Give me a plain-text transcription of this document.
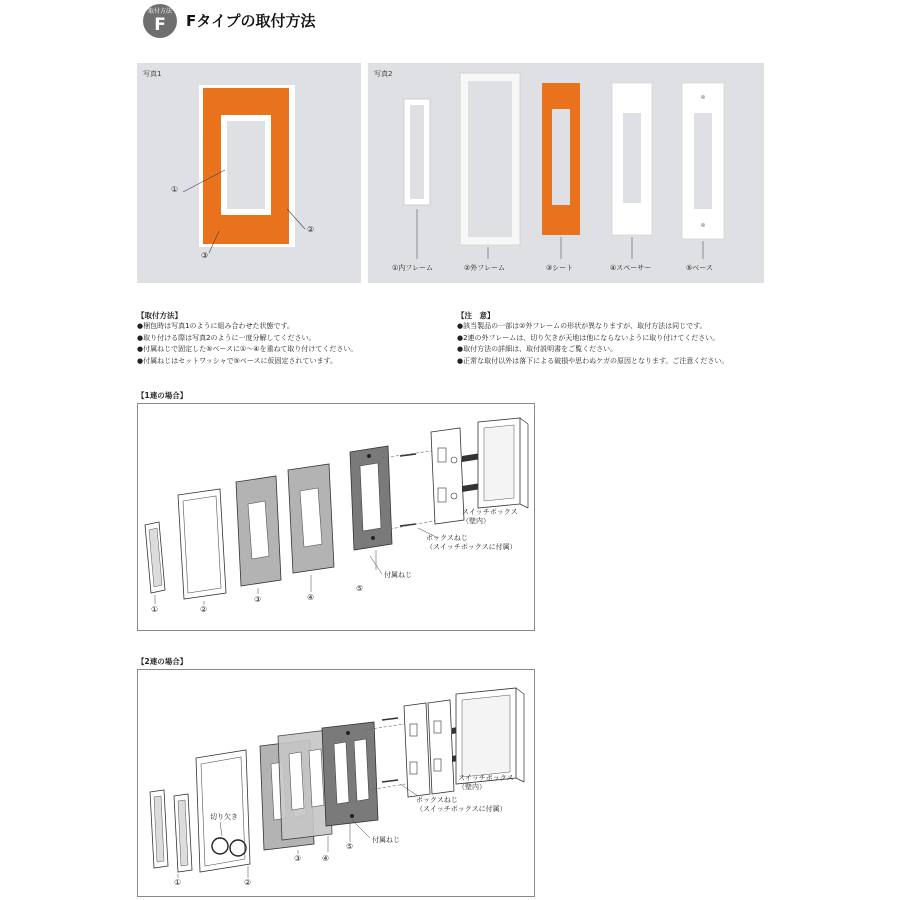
取付方法
F	Fタイプの取付方法
写真1
①
②
③
写真2
①内フレーム	②外フレーム	③シート	④スペーサー	⑤ベース
【取付方法】
●梱包時は写真1のように組み合わせた状態です。
●取り付ける際は写真2のように一度分解してください。
●付属ねじで固定した⑤ベースに①〜④を重ねて取り付けてください。
●付属ねじはセットワッシャで⑤ベースに仮固定されています。
【注　意】
●該当製品の一部は②外フレームの形状が異なりますが、取付方法は同じです。
●2連の外フレームは、切り欠きが天地は他にならないように取り付けてください。
●取付方法の詳細は、取付説明書をご覧ください。
●正常な取付以外は落下による破損や思わぬケガの原因となります。ご注意ください。
【1連の場合】
①	②
③	④
⑤
スイッチボックス
（壁内）
ボックスねじ
（スイッチボックスに付属）
付属ねじ
【2連の場合】
①	②
③	④
⑤
切り欠き
スイッチボックス
（壁内）
ボックスねじ
（スイッチボックスに付属）
付属ねじ
